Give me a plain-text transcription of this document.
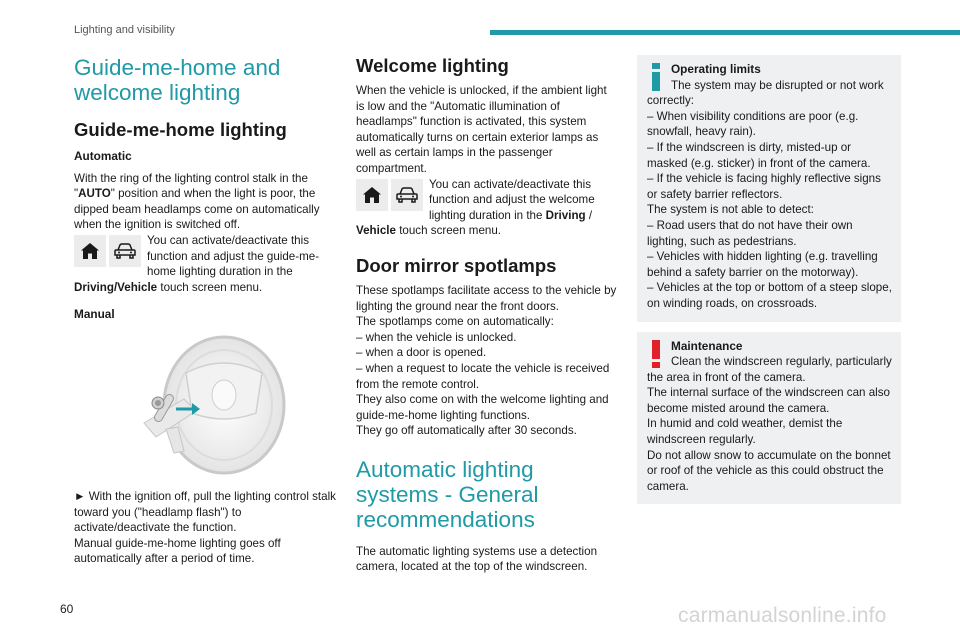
Lighting and visibility
Guide-me-home and welcome lighting
Guide-me-home lighting

Automatic

With the ring of the lighting control stalk in the "AUTO" position and when the light is poor, the dipped beam headlamps come on automatically when the ignition is switched off.

You can activate/deactivate this function and adjust the guide-me-home lighting duration in the Driving/Vehicle touch screen menu.

Manual

► With the ignition off, pull the lighting control stalk toward you ("headlamp flash") to activate/deactivate the function.

Manual guide-me-home lighting goes off automatically after a period of time.

Welcome lighting

When the vehicle is unlocked, if the ambient light is low and the "Automatic illumination of headlamps" function is activated, this system automatically turns on certain exterior lamps as well as certain lamps in the passenger compartment.

You can activate/deactivate this function and adjust the welcome lighting duration in the Driving / Vehicle touch screen menu.

Door mirror spotlamps

These spotlamps facilitate access to the vehicle by lighting the ground near the front doors.

The spotlamps come on automatically:

– when the vehicle is unlocked.

– when a door is opened.

– when a request to locate the vehicle is received from the remote control.

They also come on with the welcome lighting and guide-me-home lighting functions.

They go off automatically after 30 seconds.

Automatic lighting systems - General recommendations

The automatic lighting systems use a detection camera, located at the top of the windscreen.

Operating limits

The system may be disrupted or not work correctly:

– When visibility conditions are poor (e.g. snowfall, heavy rain).

– If the windscreen is dirty, misted-up or masked (e.g. sticker) in front of the camera.

– If the vehicle is facing highly reflective signs or safety barrier reflectors.

The system is not able to detect:

– Road users that do not have their own lighting, such as pedestrians.

– Vehicles with hidden lighting (e.g. travelling behind a safety barrier on the motorway).

– Vehicles at the top or bottom of a steep slope, on winding roads, on crossroads.

Maintenance

Clean the windscreen regularly, particularly the area in front of the camera.

The internal surface of the windscreen can also become misted around the camera.

In humid and cold weather, demist the windscreen regularly.

Do not allow snow to accumulate on the bonnet or roof of the vehicle as this could obstruct the camera.

60	carmanualsonline.info
